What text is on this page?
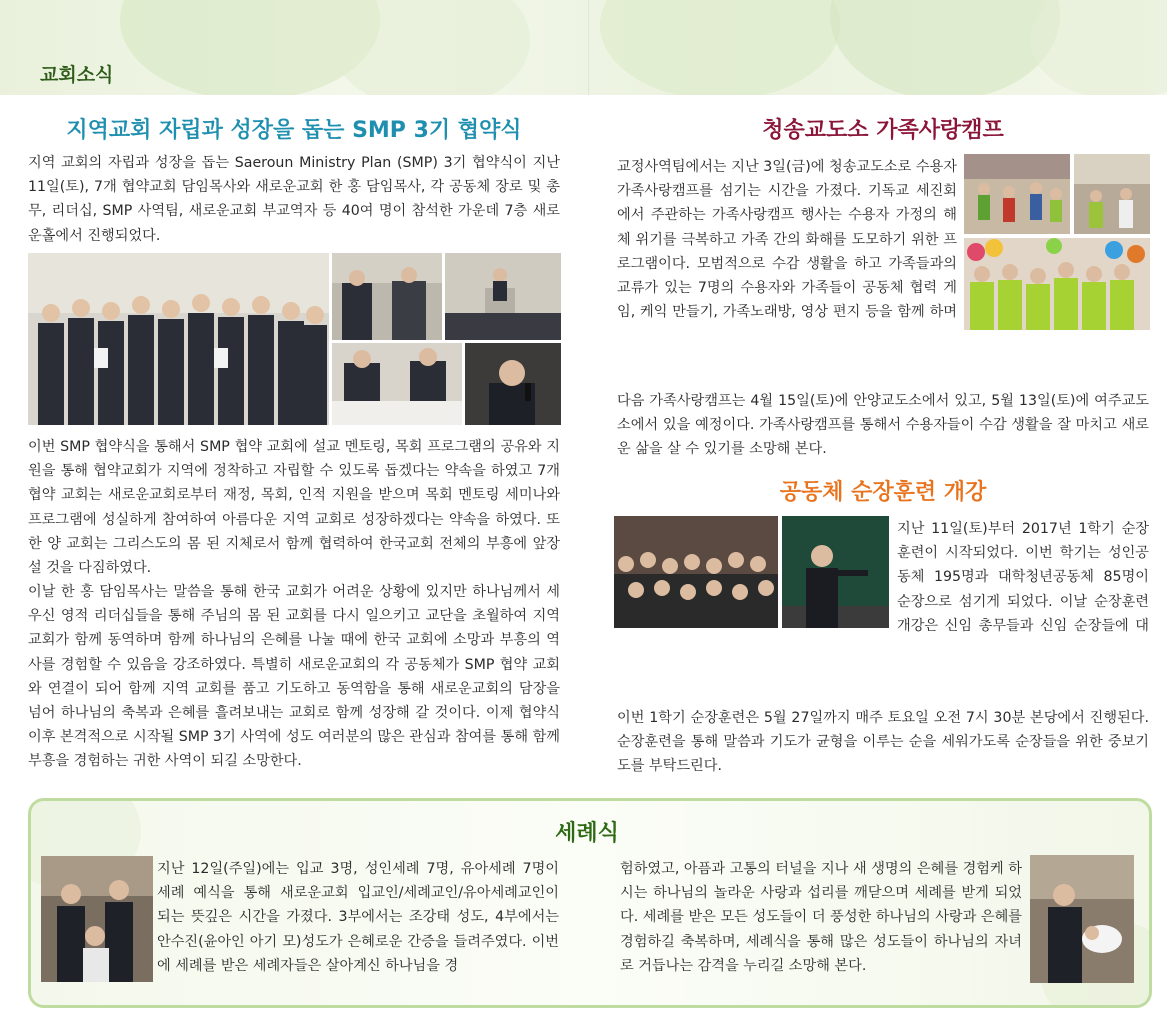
교회소식
지역교회 자립과 성장을 돕는 SMP 3기 협약식

지역 교회의 자립과 성장을 돕는 Saeroun Ministry Plan (SMP) 3기 협약식이 지난 11일(토), 7개 협약교회 담임목사와 새로운교회 한 홍 담임목사, 각 공동체 장로 및 총무, 리더십, SMP 사역팀, 새로운교회 부교역자 등 40여 명이 참석한 가운데 7층 새로운홀에서 진행되었다.

이번 SMP 협약식을 통해서 SMP 협약 교회에 설교 멘토링, 목회 프로그램의 공유와 지원을 통해 협약교회가 지역에 정착하고 자립할 수 있도록 돕겠다는 약속을 하였고 7개 협약 교회는 새로운교회로부터 재정, 목회, 인적 지원을 받으며 목회 멘토링 세미나와 프로그램에 성실하게 참여하여 아름다운 지역 교회로 성장하겠다는 약속을 하였다. 또한 양 교회는 그리스도의 몸 된 지체로서 함께 협력하여 한국교회 전체의 부흥에 앞장설 것을 다짐하였다.

이날 한 홍 담임목사는 말씀을 통해 한국 교회가 어려운 상황에 있지만 하나님께서 세우신 영적 리더십들을 통해 주님의 몸 된 교회를 다시 일으키고 교단을 초월하여 지역 교회가 함께 동역하며 함께 하나님의 은혜를 나눌 때에 한국 교회에 소망과 부흥의 역사를 경험할 수 있음을 강조하였다. 특별히 새로운교회의 각 공동체가 SMP 협약 교회와 연결이 되어 함께 지역 교회를 품고 기도하고 동역함을 통해 새로운교회의 담장을 넘어 하나님의 축복과 은혜를 흘려보내는 교회로 함께 성장해 갈 것이다. 이제 협약식 이후 본격적으로 시작될 SMP 3기 사역에 성도 여러분의 많은 관심과 참여를 통해 함께 부흥을 경험하는 귀한 사역이 되길 소망한다.

청송교도소 가족사랑캠프

교정사역팀에서는 지난 3일(금)에 청송교도소로 수용자 가족사랑캠프를 섬기는 시간을 가졌다. 기독교 세진회에서 주관하는 가족사랑캠프 행사는 수용자 가정의 해체 위기를 극복하고 가족 간의 화해를 도모하기 위한 프로그램이다. 모범적으로 수감 생활을 하고 가족들과의 교류가 있는 7명의 수용자와 가족들이 공동체 협력 게임, 케익 만들기, 가족노래방, 영상 편지 등을 함께 하며

다음 가족사랑캠프는 4월 15일(토)에 안양교도소에서 있고, 5월 13일(토)에 여주교도소에서 있을 예정이다. 가족사랑캠프를 통해서 수용자들이 수감 생활을 잘 마치고 새로운 삶을 살 수 있기를 소망해 본다.

공동체 순장훈련 개강

지난 11일(토)부터 2017년 1학기 순장훈련이 시작되었다. 이번 학기는 성인공동체 195명과 대학청년공동체 85명이 순장으로 섬기게 되었다. 이날 순장훈련 개강은 신임 총무들과 신임 순장들에 대

이번 1학기 순장훈련은 5월 27일까지 매주 토요일 오전 7시 30분 본당에서 진행된다. 순장훈련을 통해 말씀과 기도가 균형을 이루는 순을 세워가도록 순장들을 위한 중보기도를 부탁드린다.

세례식

지난 12일(주일)에는 입교 3명, 성인세례 7명, 유아세례 7명이 세례 예식을 통해 새로운교회 입교인/세례교인/유아세례교인이 되는 뜻깊은 시간을 가졌다. 3부에서는 조강태 성도, 4부에서는 안수진(윤아인 아기 모)성도가 은혜로운 간증을 들려주였다. 이번에 세례를 받은 세례자들은 살아계신 하나님을 경

험하였고, 아픔과 고통의 터널을 지나 새 생명의 은혜를 경험케 하시는 하나님의 놀라운 사랑과 섭리를 깨닫으며 세례를 받게 되었다. 세례를 받은 모든 성도들이 더 풍성한 하나님의 사랑과 은혜를 경험하길 축복하며, 세례식을 통해 많은 성도들이 하나님의 자녀로 거듭나는 감격을 누리길 소망해 본다.
